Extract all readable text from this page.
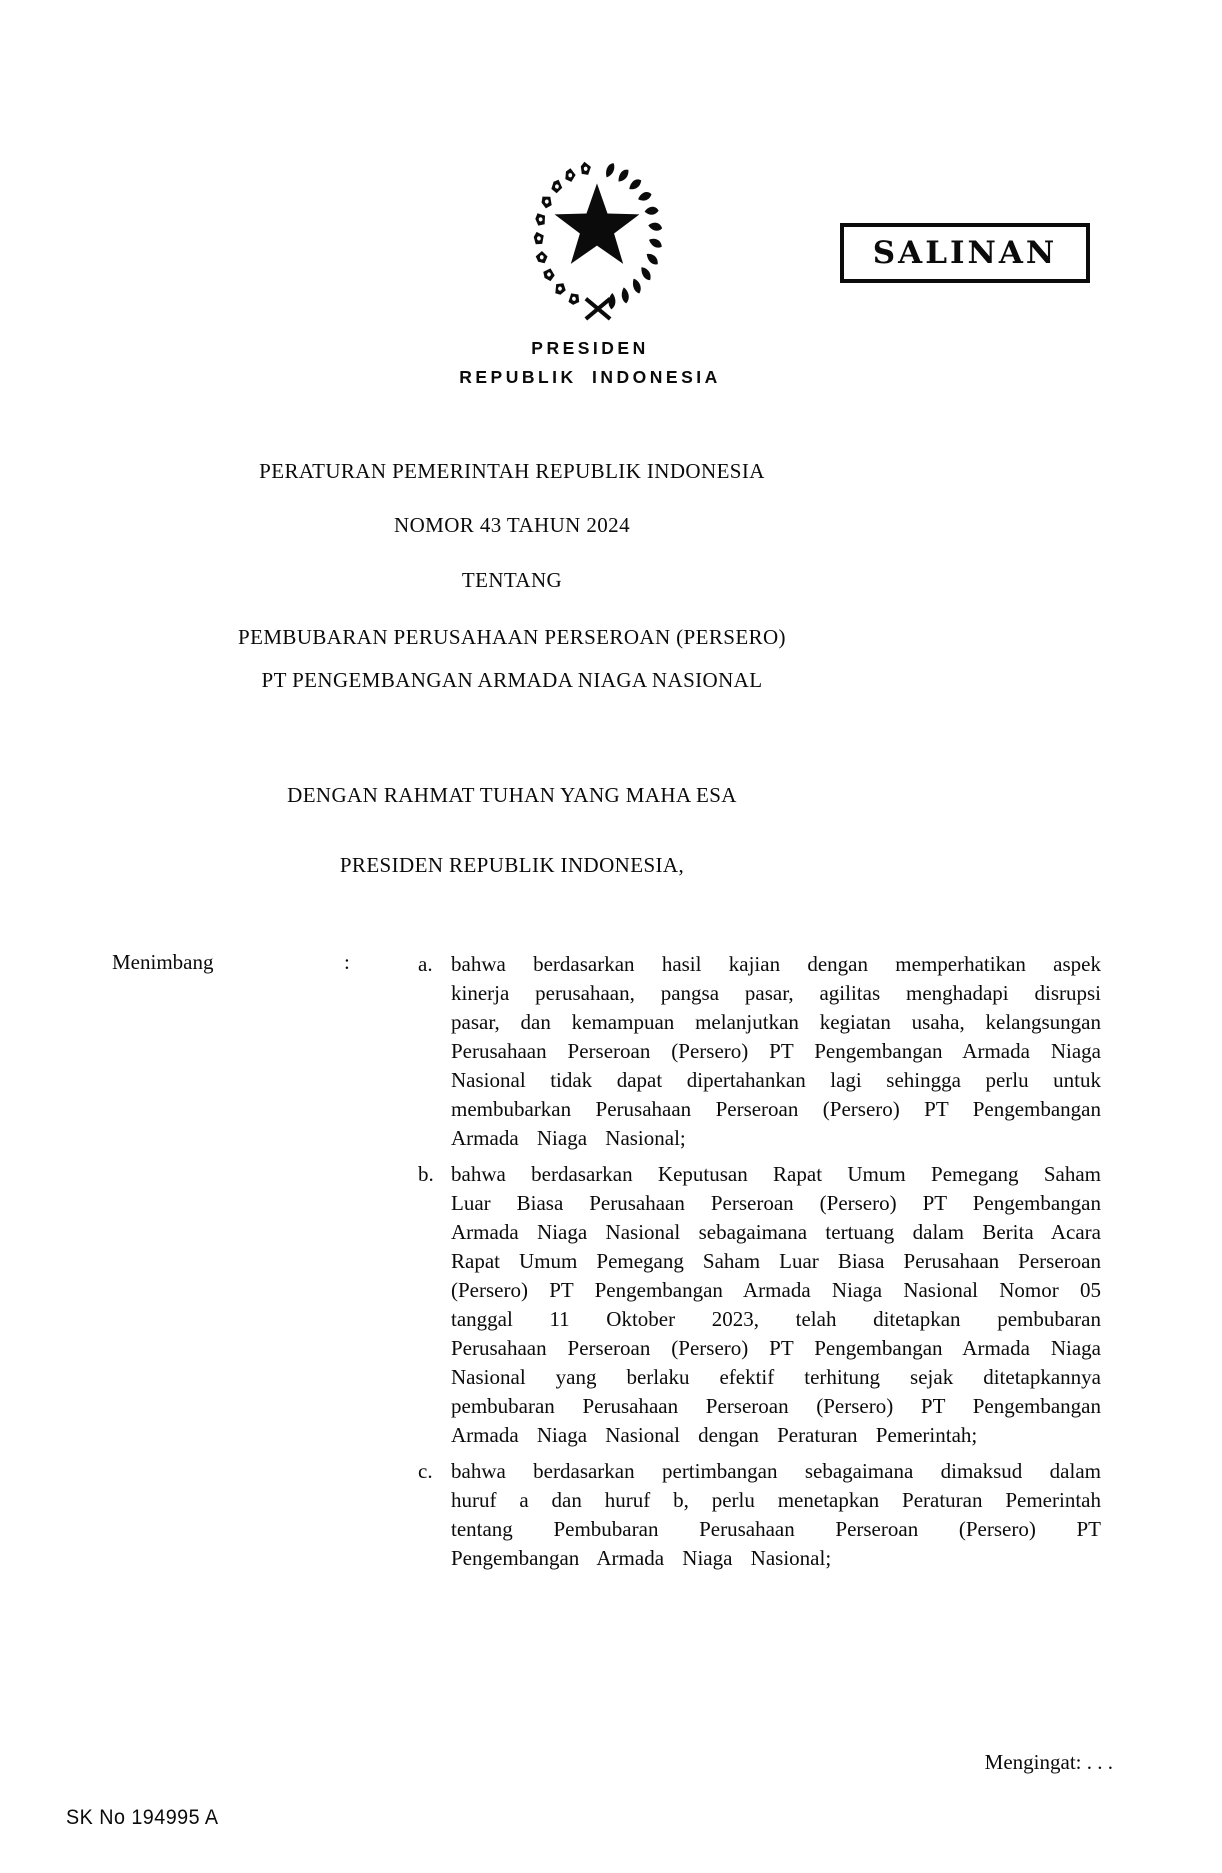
SALINAN
PRESIDEN
REPUBLIK INDONESIA
PERATURAN PEMERINTAH REPUBLIK INDONESIA
NOMOR 43 TAHUN 2024
TENTANG
PEMBUBARAN PERUSAHAAN PERSEROAN (PERSERO)
PT PENGEMBANGAN ARMADA NIAGA NASIONAL
DENGAN RAHMAT TUHAN YANG MAHA ESA
PRESIDEN REPUBLIK INDONESIA,
Menimbang	:	a. bahwa berdasarkan hasil kajian dengan memperhatikan aspek kinerja perusahaan, pangsa pasar, agilitas menghadapi disrupsi pasar, dan kemampuan melanjutkan kegiatan usaha, kelangsungan Perusahaan Perseroan (Persero) PT Pengembangan Armada Niaga Nasional tidak dapat dipertahankan lagi sehingga perlu untuk membubarkan Perusahaan Perseroan (Persero) PT Pengembangan Armada Niaga Nasional;
b. bahwa berdasarkan Keputusan Rapat Umum Pemegang Saham Luar Biasa Perusahaan Perseroan (Persero) PT Pengembangan Armada Niaga Nasional sebagaimana tertuang dalam Berita Acara Rapat Umum Pemegang Saham Luar Biasa Perusahaan Perseroan (Persero) PT Pengembangan Armada Niaga Nasional Nomor 05 tanggal 11 Oktober 2023, telah ditetapkan pembubaran Perusahaan Perseroan (Persero) PT Pengembangan Armada Niaga Nasional yang berlaku efektif terhitung sejak ditetapkannya pembubaran Perusahaan Perseroan (Persero) PT Pengembangan Armada Niaga Nasional dengan Peraturan Pemerintah;
c. bahwa berdasarkan pertimbangan sebagaimana dimaksud dalam huruf a dan huruf b, perlu menetapkan Peraturan Pemerintah tentang Pembubaran Perusahaan Perseroan (Persero) PT Pengembangan Armada Niaga Nasional;
Mengingat: . . .
SK No 194995 A
